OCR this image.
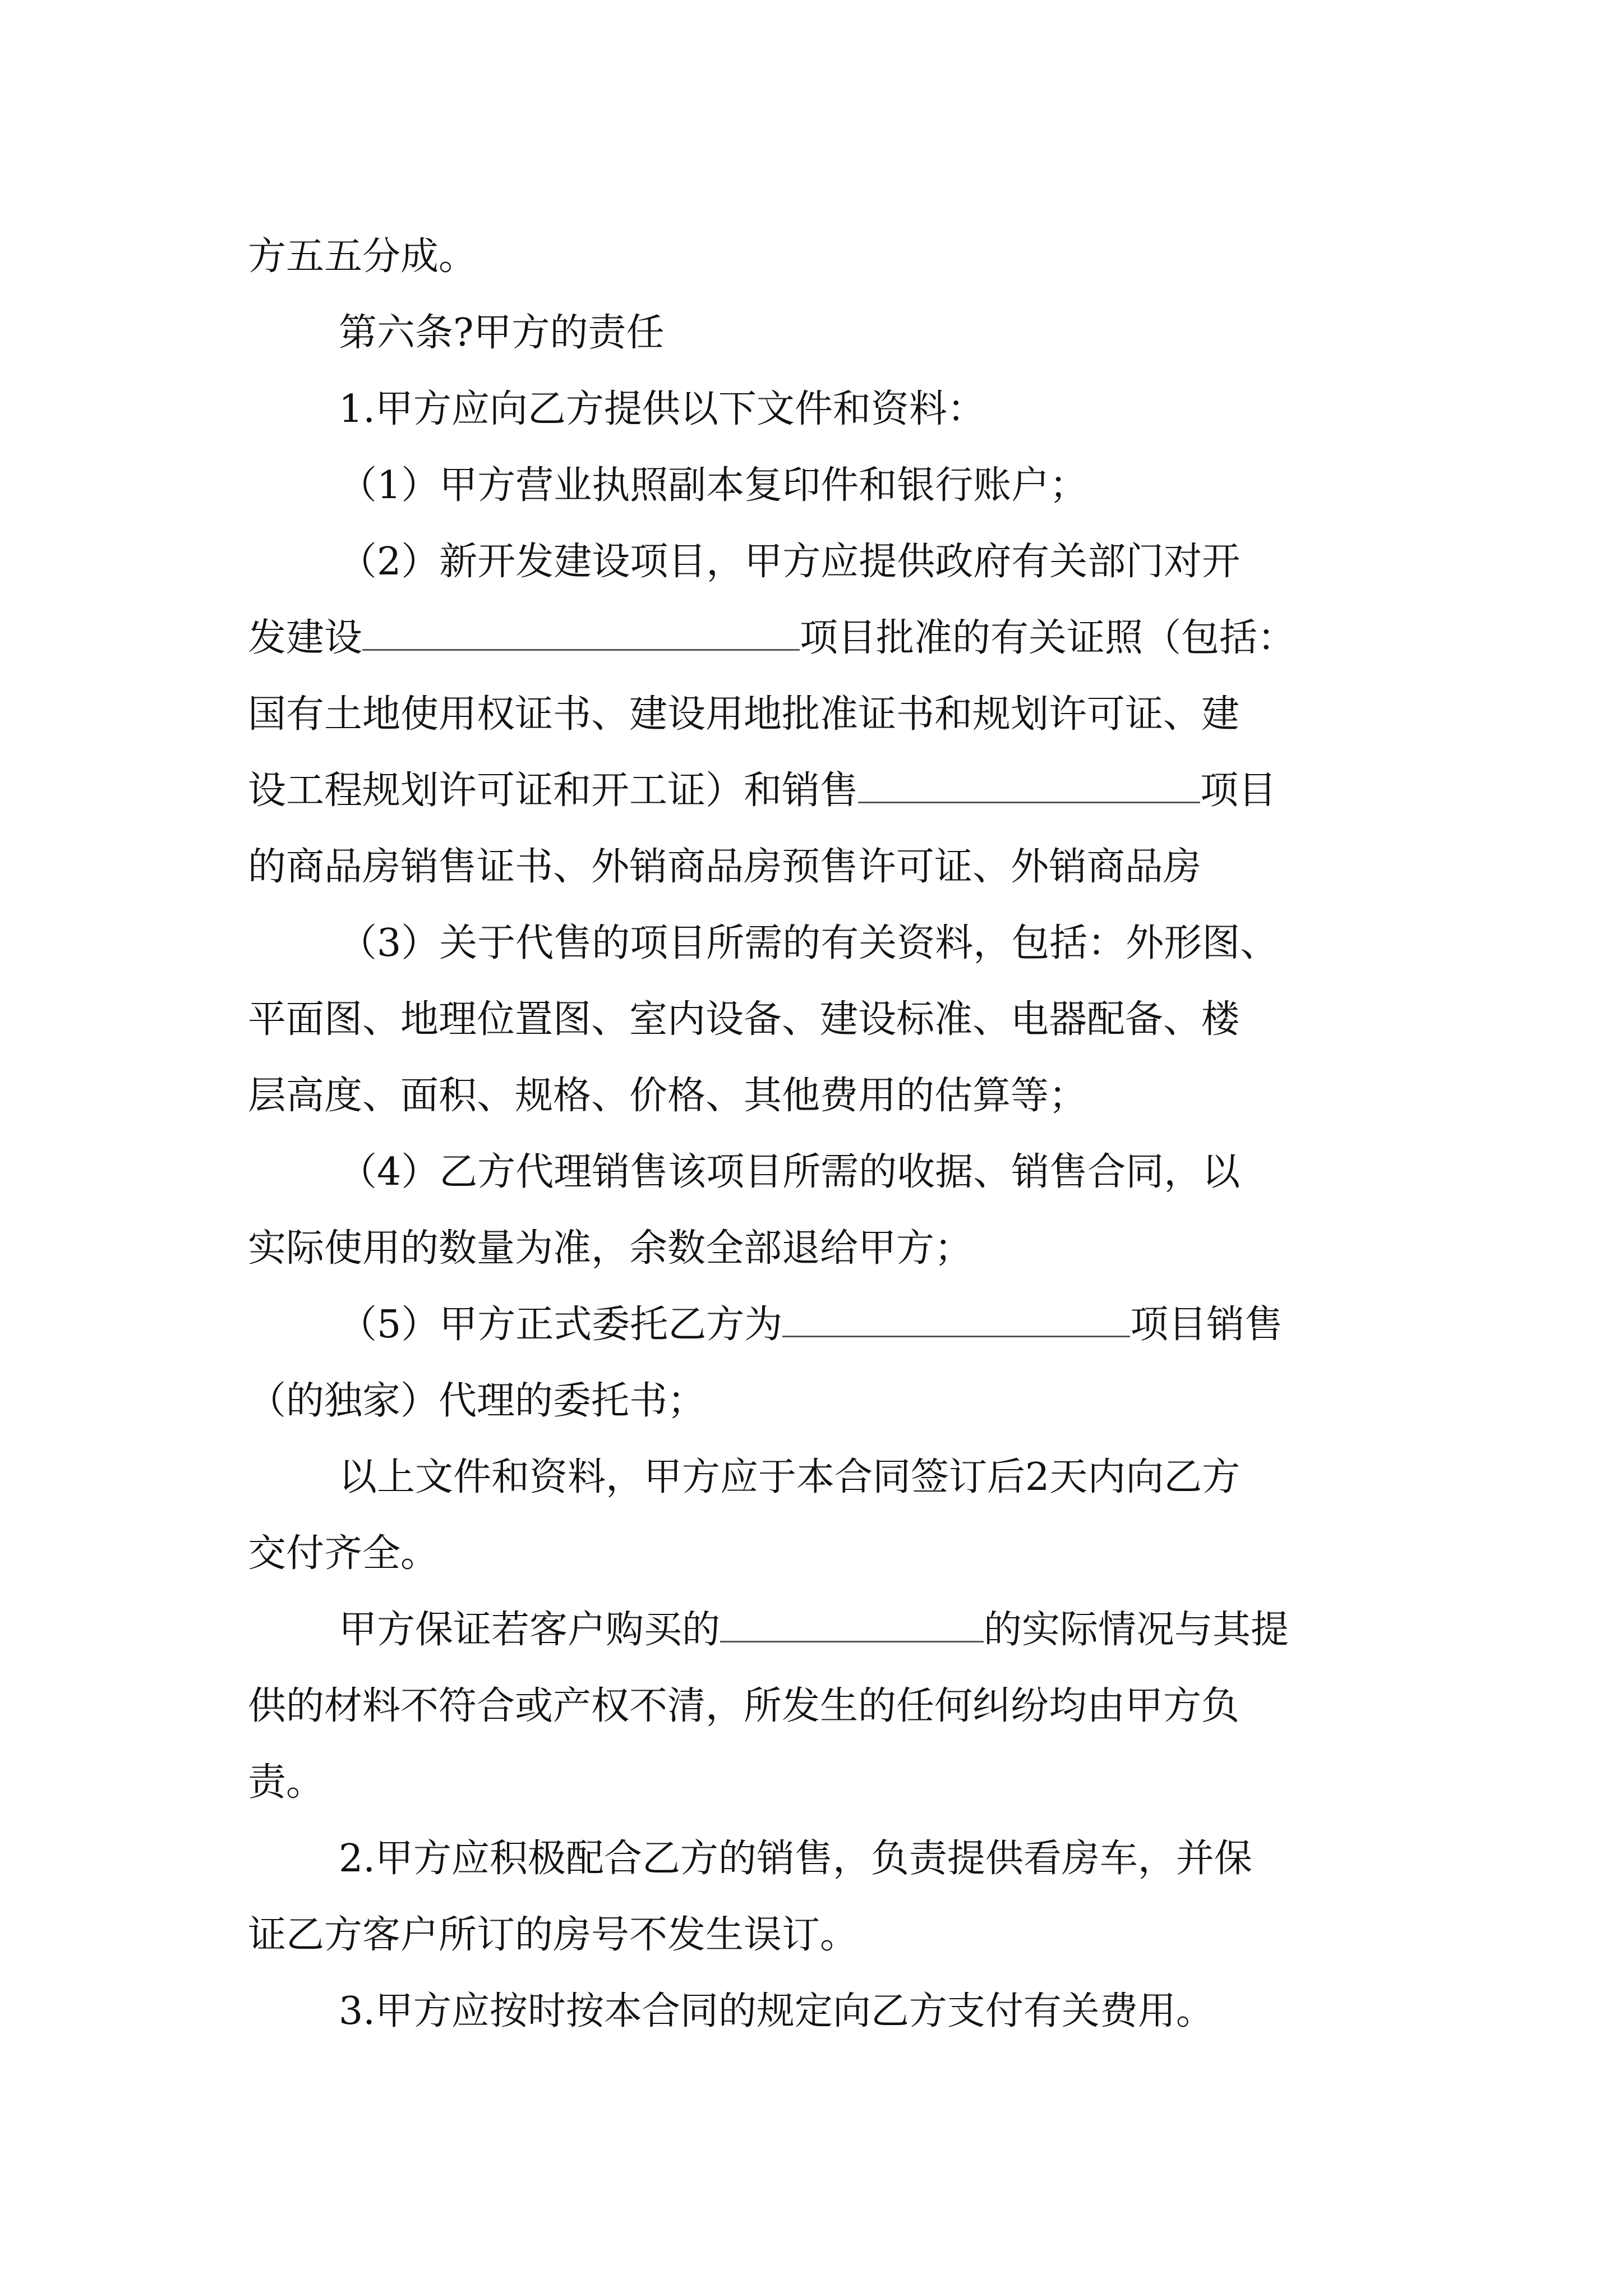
方五五分成。
第六条?甲方的责任
1.甲方应向乙方提供以下文件和资料：
（1）甲方营业执照副本复印件和银行账户；
（2）新开发建设项目，甲方应提供政府有关部门对开
发建设	项目批准的有关证照（包括：
国有土地使用权证书、建设用地批准证书和规划许可证、建
设工程规划许可证和开工证）和销售	项目
的商品房销售证书、外销商品房预售许可证、外销商品房
（3）关于代售的项目所需的有关资料，包括：外形图、
平面图、地理位置图、室内设备、建设标准、电器配备、楼
层高度、面积、规格、价格、其他费用的估算等；
（4）乙方代理销售该项目所需的收据、销售合同，以
实际使用的数量为准，余数全部退给甲方；
（5）甲方正式委托乙方为	项目销售
（的独家）代理的委托书；
以上文件和资料，甲方应于本合同签订后2天内向乙方
交付齐全。
甲方保证若客户购买的	的实际情况与其提
供的材料不符合或产权不清，所发生的任何纠纷均由甲方负
责。
2.甲方应积极配合乙方的销售，负责提供看房车，并保
证乙方客户所订的房号不发生误订。
3.甲方应按时按本合同的规定向乙方支付有关费用。
